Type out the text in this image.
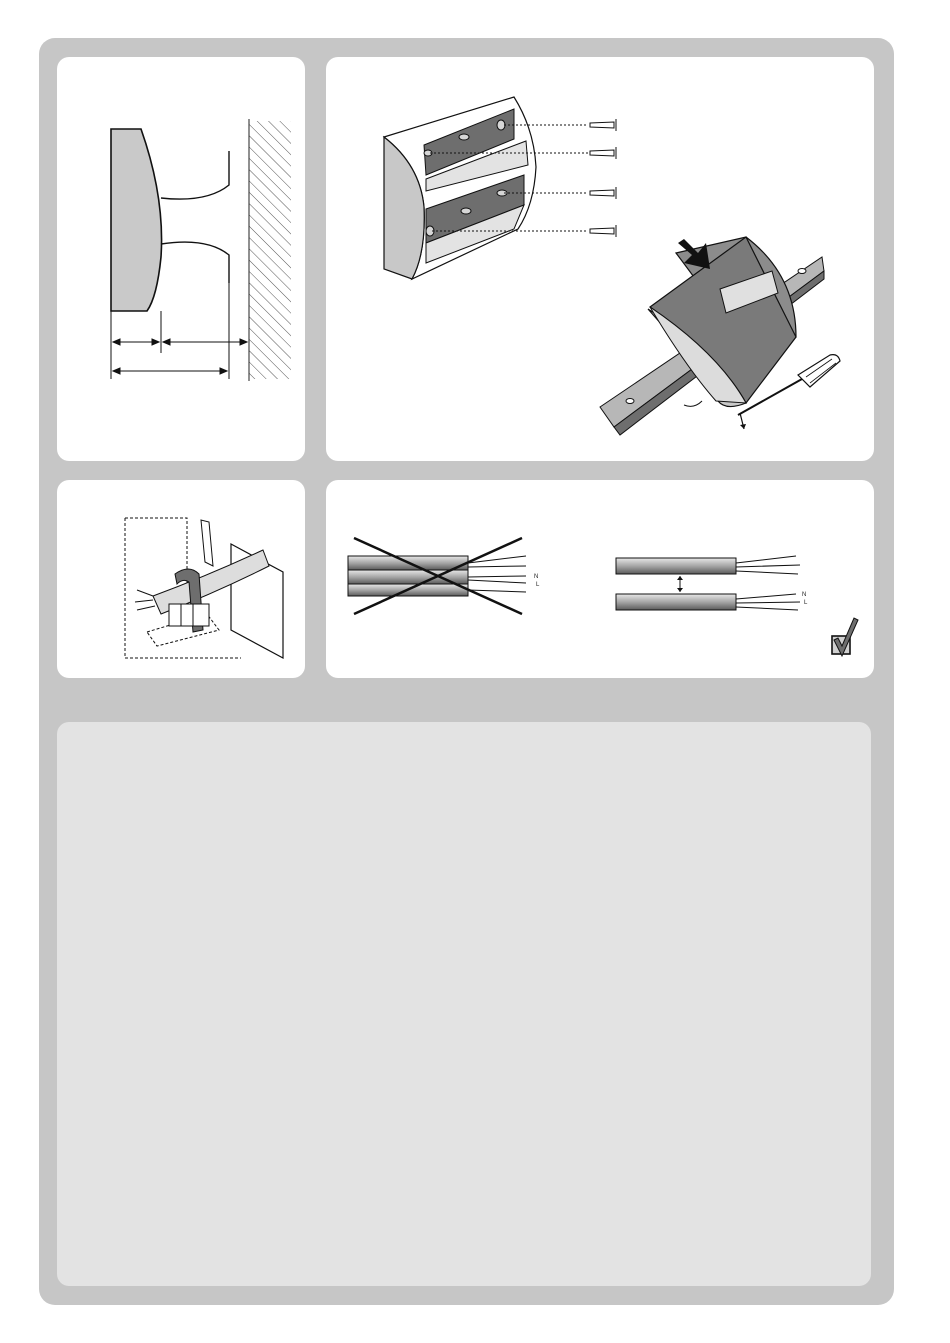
N
L
N
L
